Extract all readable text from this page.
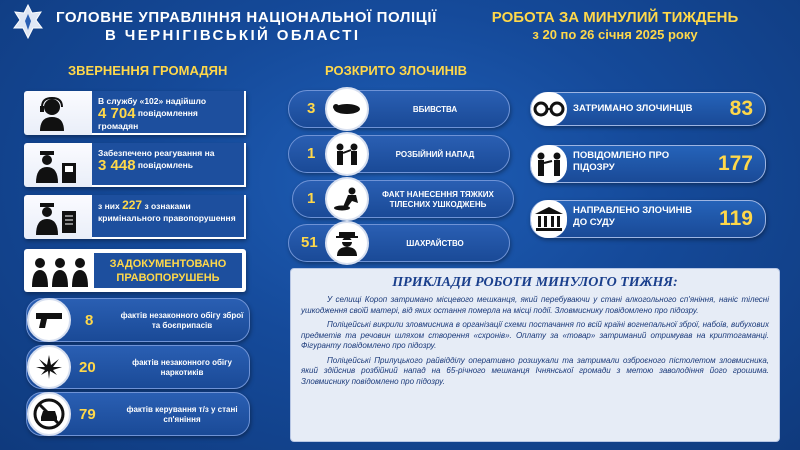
ГОЛОВНЕ УПРАВЛІННЯ НАЦІОНАЛЬНОЇ ПОЛІЦІЇ
В ЧЕРНІГІВСЬКІЙ ОБЛАСТІ
РОБОТА ЗА МИНУЛИЙ ТИЖДЕНЬ
з 20 по 26 січня 2025 року
ЗВЕРНЕННЯ ГРОМАДЯН
В службу «102» надійшло
4 704 повідомлення громадян
Забезпечено реагування на
3 448 повідомлень
з них 227 з ознаками кримінального правопорушення
ЗАДОКУМЕНТОВАНО ПРАВОПОРУШЕНЬ
8	фактів незаконного обігу зброї та боєприпасів
20	фактів незаконного обігу наркотиків
79	фактів керування т/з у стані сп'яніння
РОЗКРИТО ЗЛОЧИНІВ
3	ВБИВСТВА
1	РОЗБІЙНИЙ НАПАД
1	ФАКТ НАНЕСЕННЯ ТЯЖКИХ ТІЛЕСНИХ УШКОДЖЕНЬ
51	ШАХРАЙСТВО
ЗАТРИМАНО ЗЛОЧИНЦІВ 83
ПОВІДОМЛЕНО ПРО ПІДОЗРУ	177
НАПРАВЛЕНО ЗЛОЧИНІВ ДО СУДУ	119
ПРИКЛАДИ РОБОТИ МИНУЛОГО ТИЖНЯ:
У селищі Короп затримано місцевого мешканця, який перебуваючи у стані алкогольного сп'яніння, наніс тілесні ушкодження своїй матері, від яких остання померла на місці події. Зловмиснику повідомлено про підозру.
Поліцейські викрили зловмисника в організації схеми постачання по всій країні вогнепальної зброї, набоїв, вибухових предметів та речовин шляхом створення «схронів». Оплату за «товар» затриманий отримував на криптогаманці. Фігуранту повідомлено про підозру.
Поліцейські Прилуцького райвідділу оперативно розшукали та затримали озброєного пістолетом зловмисника, який здійснив розбійний напад на 65-річного мешканця Ічнянської громади з метою заволодіння його грошима. Зловмиснику повідомлено про підозру.
